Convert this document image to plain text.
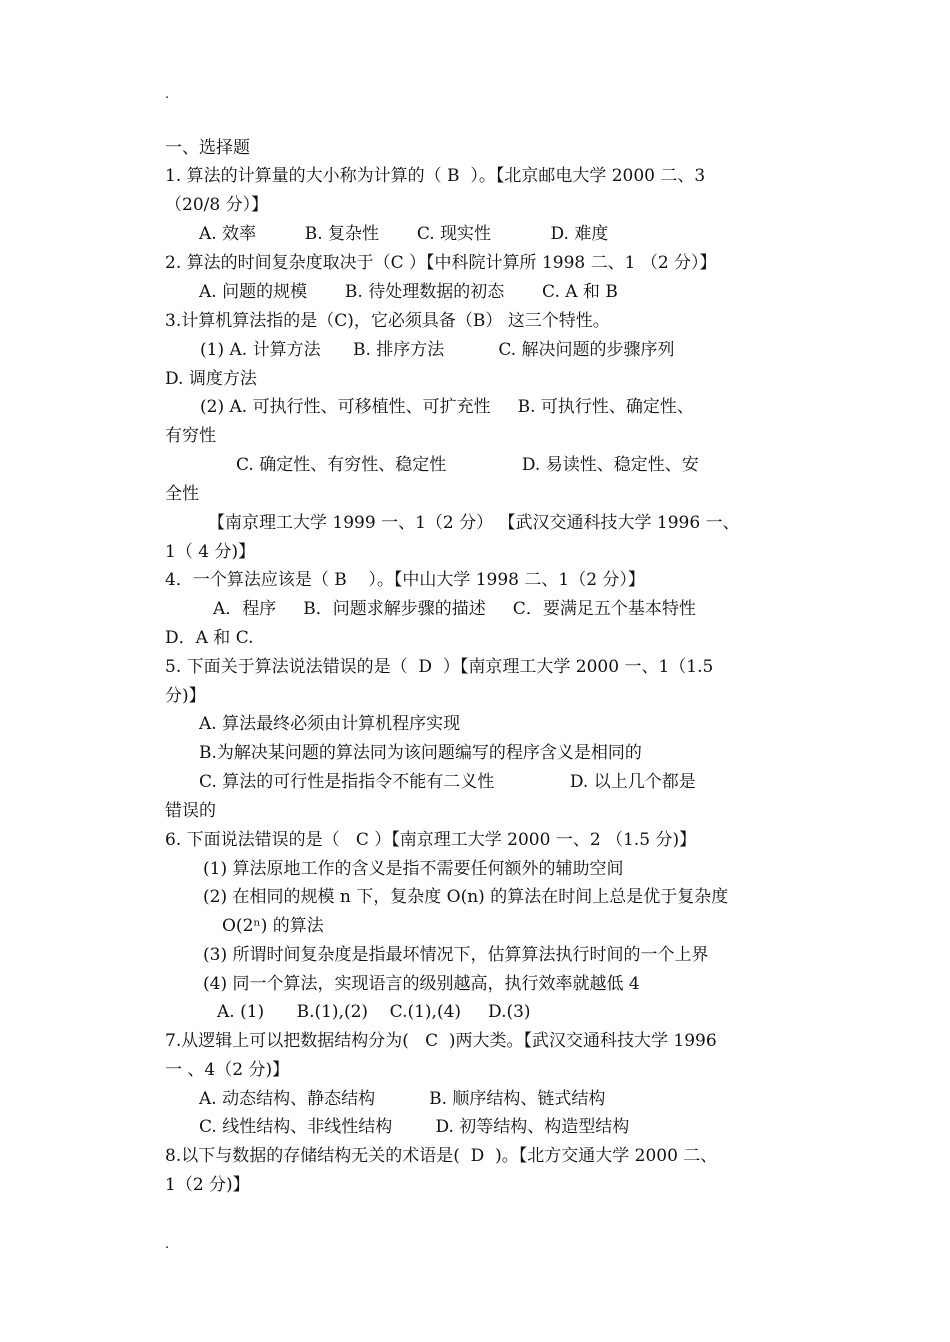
.
一、选择题
1. 算法的计算量的大小称为计算的（ B  ）。【北京邮电大学 2000 二、3
（20/8 分）】
A. 效率         B. 复杂性       C. 现实性           D. 难度
2. 算法的时间复杂度取决于（C ）【中科院计算所 1998 二、1 （2 分）】
A. 问题的规模       B. 待处理数据的初态       C. A 和 B
3.计算机算法指的是（C)，它必须具备（B） 这三个特性。
(1) A. 计算方法      B. 排序方法          C. 解决问题的步骤序列
D. 调度方法
(2) A. 可执行性、可移植性、可扩充性     B. 可执行性、确定性、
有穷性
C. 确定性、有穷性、稳定性              D. 易读性、稳定性、安
全性
【南京理工大学 1999 一、1（2 分） 【武汉交通科技大学 1996 一、
1（ 4 分)】
4．一个算法应该是（ B    ）。【中山大学 1998 二、1（2 分）】
A．程序     B．问题求解步骤的描述     C．要满足五个基本特性
D．A 和 C.
5. 下面关于算法说法错误的是（  D  ）【南京理工大学 2000 一、1（1.5
分)】
A. 算法最终必须由计算机程序实现
B.为解决某问题的算法同为该问题编写的程序含义是相同的
C. 算法的可行性是指指令不能有二义性              D. 以上几个都是
错误的
6. 下面说法错误的是（   C ）【南京理工大学 2000 一、2 （1.5 分)】
(1) 算法原地工作的含义是指不需要任何额外的辅助空间
(2) 在相同的规模 n 下，复杂度 O(n) 的算法在时间上总是优于复杂度
O(2ⁿ) 的算法
(3) 所谓时间复杂度是指最坏情况下，估算算法执行时间的一个上界
(4) 同一个算法，实现语言的级别越高，执行效率就越低 4
A. (1)      B.(1),(2)    C.(1),(4)     D.(3)
7.从逻辑上可以把数据结构分为(   C  )两大类。【武汉交通科技大学 1996
一 、4（2 分)】
A. 动态结构、静态结构          B. 顺序结构、链式结构
C. 线性结构、非线性结构        D. 初等结构、构造型结构
8.以下与数据的存储结构无关的术语是(  D  )。【北方交通大学 2000 二、
1（2 分)】
.
